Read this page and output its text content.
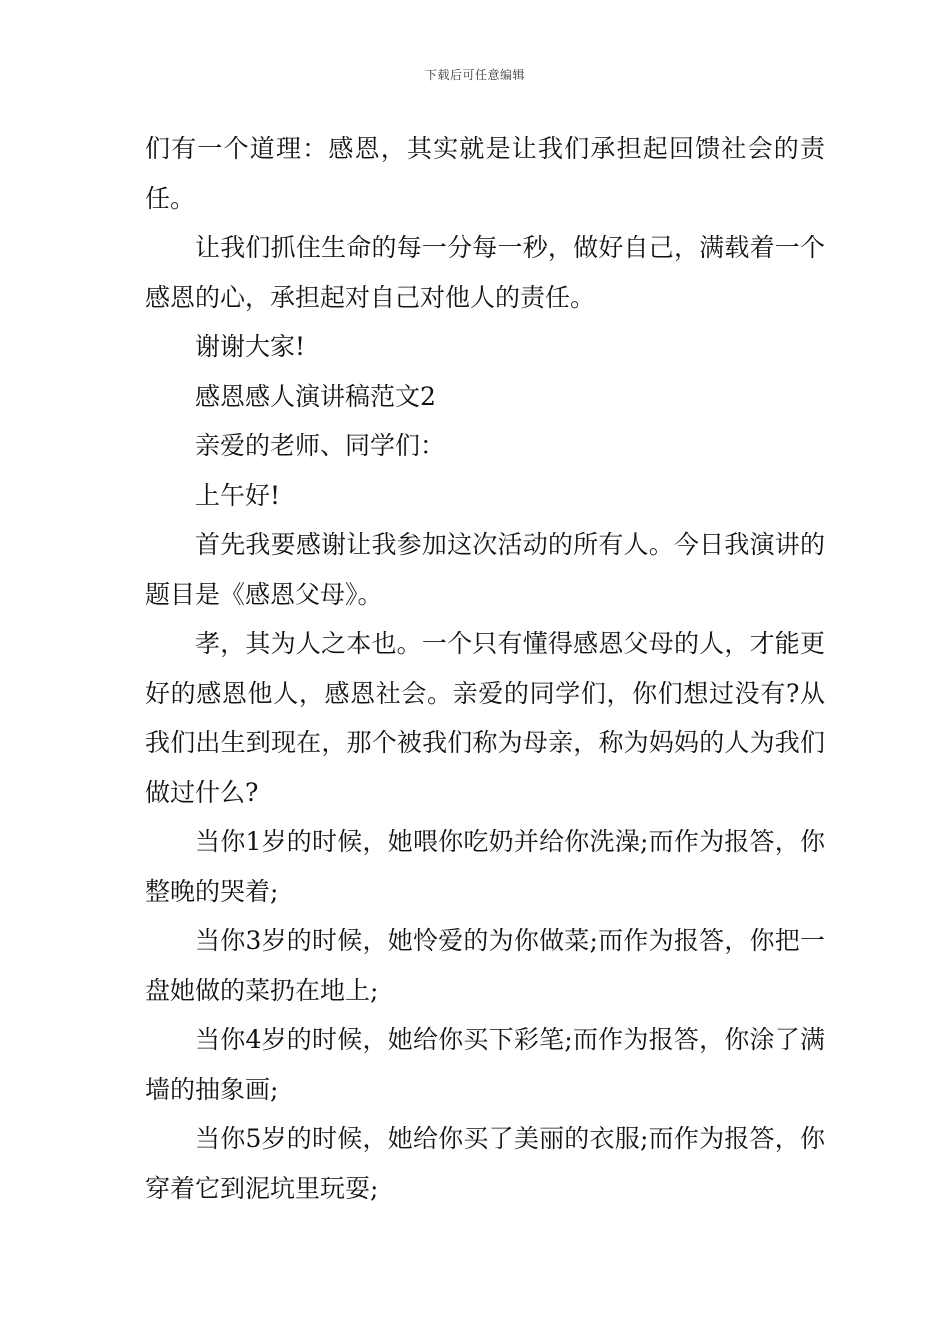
下载后可任意编辑

们有一个道理：感恩，其实就是让我们承担起回馈社会的责任。

让我们抓住生命的每一分每一秒，做好自己，满载着一个感恩的心，承担起对自己对他人的责任。

谢谢大家!

感恩感人演讲稿范文2

亲爱的老师、同学们：

上午好!

首先我要感谢让我参加这次活动的所有人。今日我演讲的题目是《感恩父母》。

孝，其为人之本也。一个只有懂得感恩父母的人，才能更好的感恩他人，感恩社会。亲爱的同学们，你们想过没有?从我们出生到现在，那个被我们称为母亲，称为妈妈的人为我们做过什么?

当你1岁的时候，她喂你吃奶并给你洗澡;而作为报答，你整晚的哭着;

当你3岁的时候，她怜爱的为你做菜;而作为报答，你把一盘她做的菜扔在地上;

当你4岁的时候，她给你买下彩笔;而作为报答，你涂了满墙的抽象画;

当你5岁的时候，她给你买了美丽的衣服;而作为报答，你穿着它到泥坑里玩耍;
